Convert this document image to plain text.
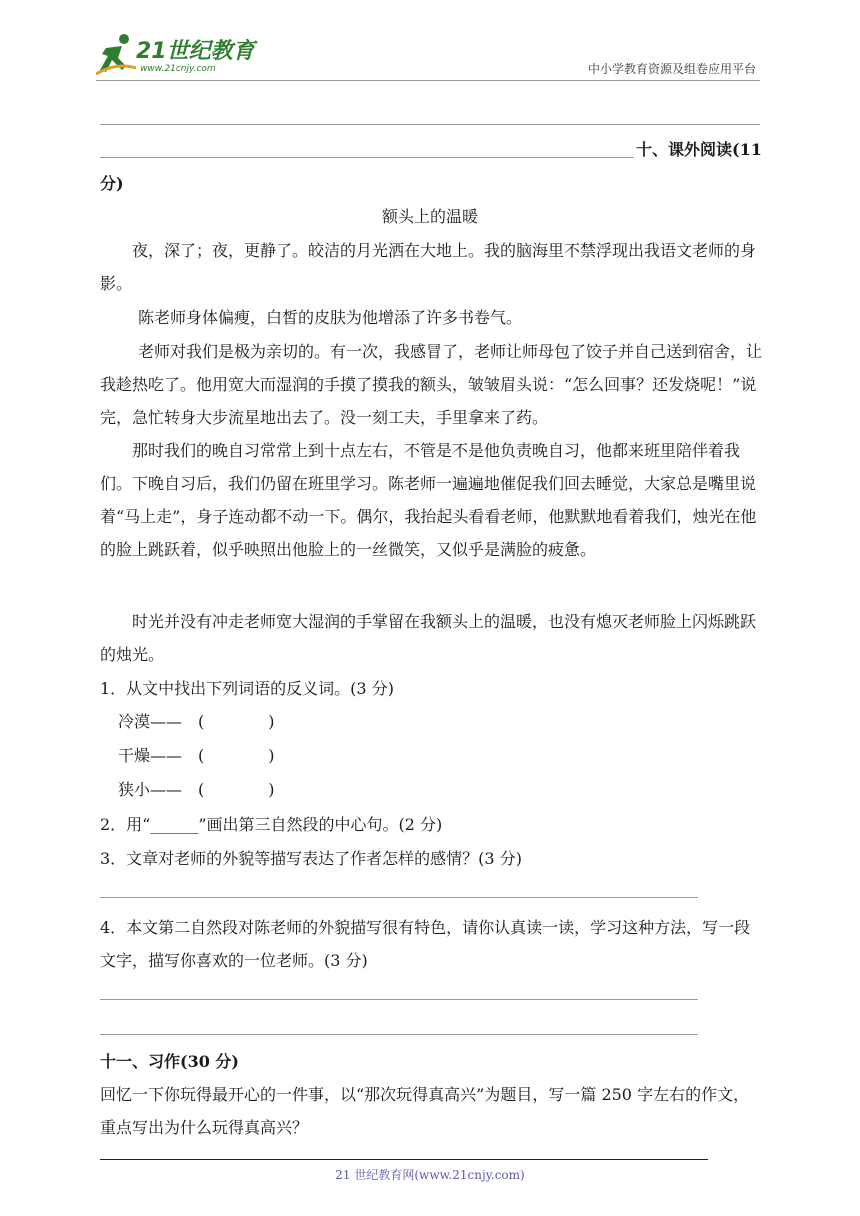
21世纪教育
www.21cnjy.com	中小学教育资源及组卷应用平台
十、课外阅读(11
分)
额头上的温暖
夜，深了；夜，更静了。皎洁的月光洒在大地上。我的脑海里不禁浮现出我语文老师的身影。
陈老师身体偏瘦，白皙的皮肤为他增添了许多书卷气。
老师对我们是极为亲切的。有一次，我感冒了，老师让师母包了饺子并自己送到宿舍，让我趁热吃了。他用宽大而湿润的手摸了摸我的额头，皱皱眉头说：“怎么回事？还发烧呢！”说完，急忙转身大步流星地出去了。没一刻工夫，手里拿来了药。
那时我们的晚自习常常上到十点左右，不管是不是他负责晚自习，他都来班里陪伴着我们。下晚自习后，我们仍留在班里学习。陈老师一遍遍地催促我们回去睡觉，大家总是嘴里说着“马上走”，身子连动都不动一下。偶尔，我抬起头看看老师，他默默地看着我们，烛光在他的脸上跳跃着，似乎映照出他脸上的一丝微笑，又似乎是满脸的疲惫。
时光并没有冲走老师宽大湿润的手掌留在我额头上的温暖，也没有熄灭老师脸上闪烁跳跃的烛光。
1．从文中找出下列词语的反义词。(3 分)
冷漠——　(　　　　)
干燥——　(　　　　)
狭小——　(　　　　)
2．用“______”画出第三自然段的中心句。(2 分)
3．文章对老师的外貌等描写表达了作者怎样的感情？(3 分)
4．本文第二自然段对陈老师的外貌描写很有特色，请你认真读一读，学习这种方法，写一段文字，描写你喜欢的一位老师。(3 分)
十一、习作(30 分)
回忆一下你玩得最开心的一件事，以“那次玩得真高兴”为题目，写一篇 250 字左右的作文，重点写出为什么玩得真高兴？
21 世纪教育网(www.21cnjy.com)
